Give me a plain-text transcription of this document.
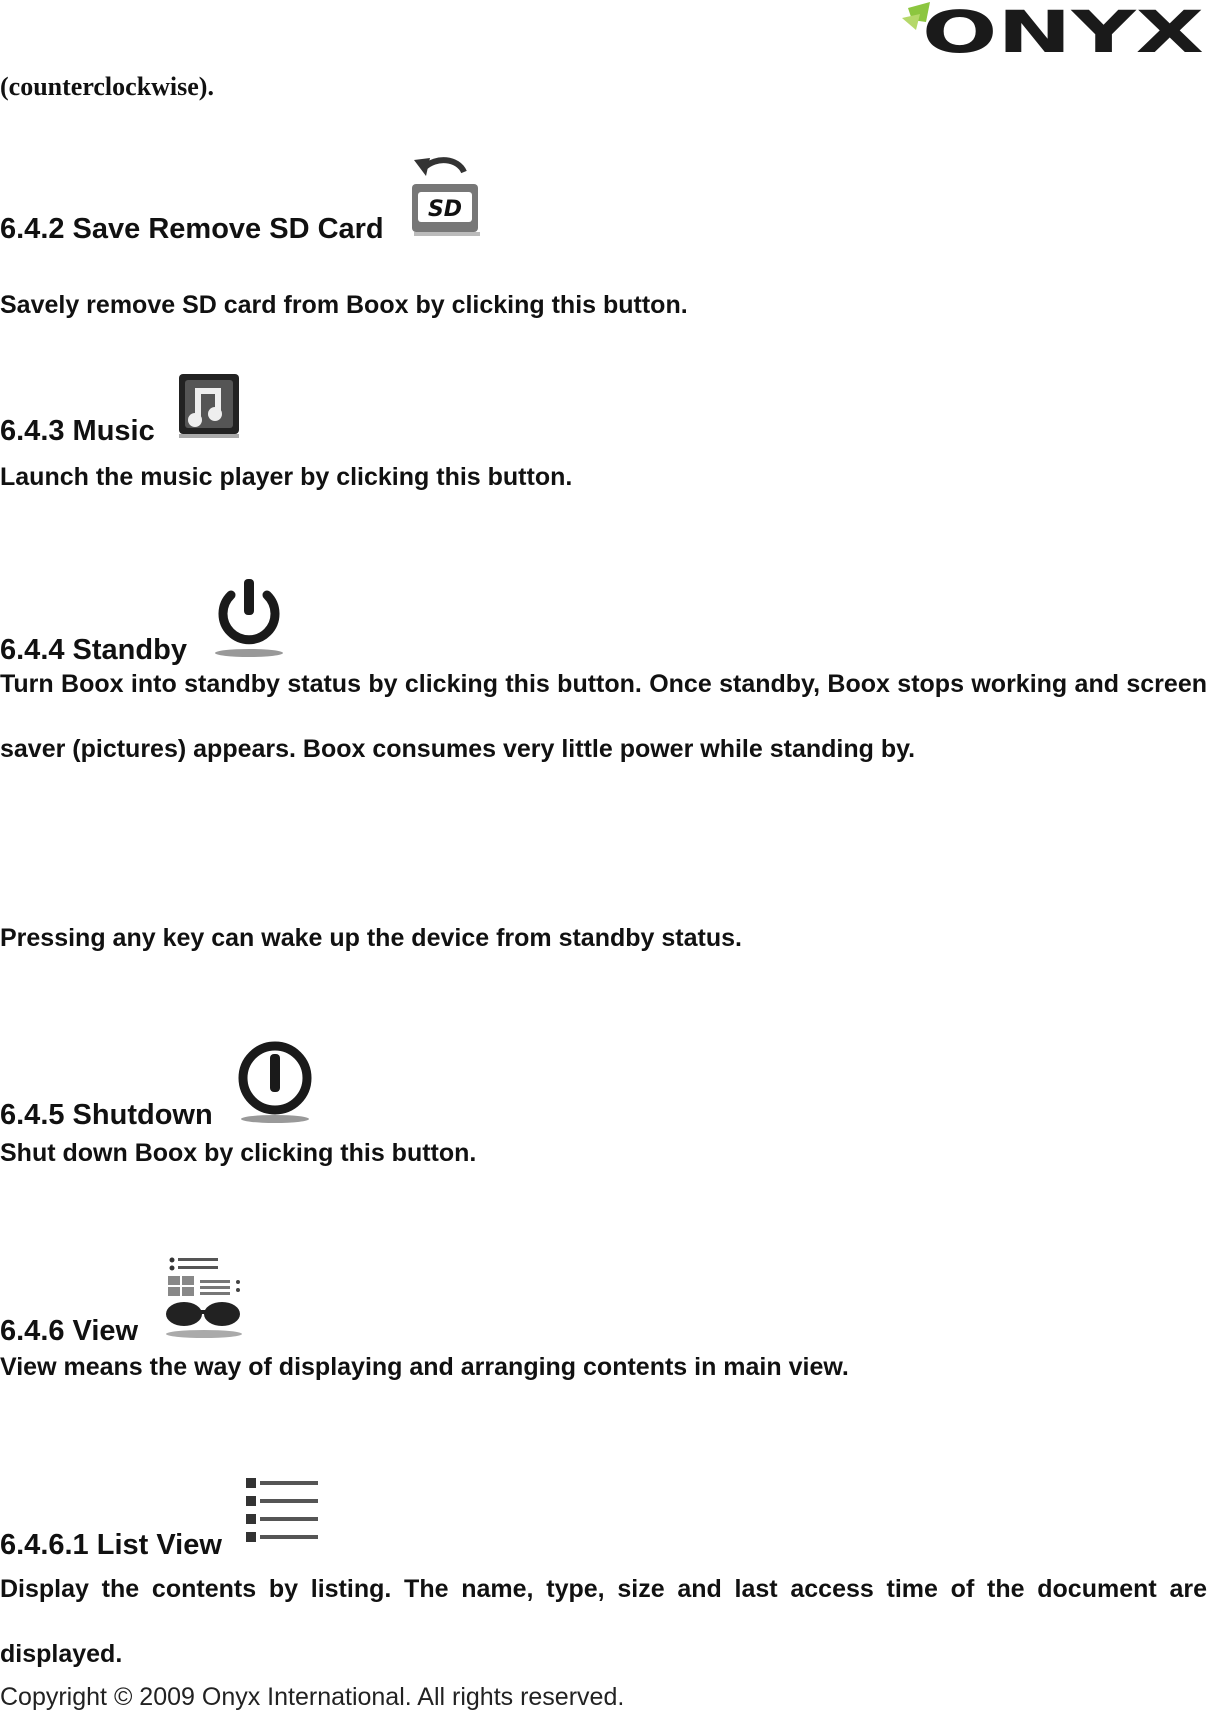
ONYX
(counterclockwise).
6.4.2 Save Remove SD Card
SD
Savely remove SD card from Boox by clicking this button.
6.4.3 Music
Launch the music player by clicking this button.
6.4.4 Standby
Turn Boox into standby status by clicking this button. Once standby, Boox stops working and screen saver (pictures) appears. Boox consumes very little power while standing by.
Pressing any key can wake up the device from standby status.
6.4.5 Shutdown
Shut down Boox by clicking this button.
6.4.6 View
View means the way of displaying and arranging contents in main view.
6.4.6.1 List View
Display the contents by listing. The name, type, size and last access time of the document are displayed.
Copyright © 2009 Onyx International. All rights reserved.
